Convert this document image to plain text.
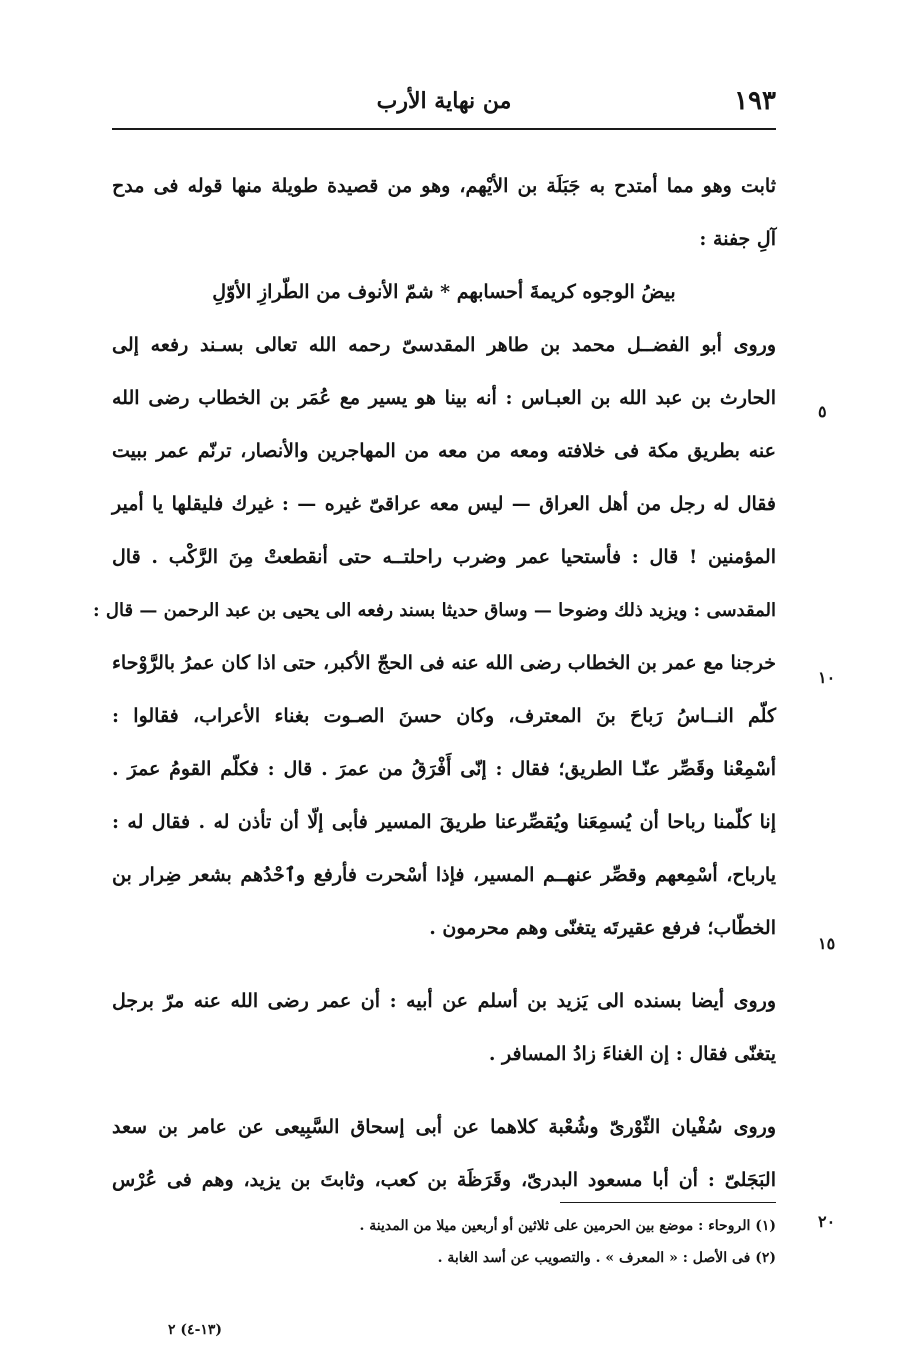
١٩٣
من نهاية الأرب
ثابت وهو مما أمتدح به جَبَلَة بن الأيْهم، وهو من قصيدة طويلة منها قوله فى مدح
آلِ جفنة :
بيضُ الوجوه كريمةَ أحسابهم * شمّ الأنوف من الطّرازِ الأوّلِ
وروى أبو الفضــل محمد بن طاهر المقدسىّ رحمه الله تعالى بسـند رفعه إلى
الحارث بن عبد الله بن العبـاس : أنه بينا هو يسير مع عُمَر بن الخطاب رضى الله
عنه بطريق مكة فى خلافته ومعه من معه من المهاجرين والأنصار، ترنّم عمر ببيت
فقال له رجل من أهل العراق — ليس معه عراقىّ غيره — : غيرك فليقلها يا أمير
المؤمنين ! قال : فأستحيا عمر وضرب راحلتــه حتى أنقطعتْ مِنَ الرَّكْب . قال
المقدسى : ويزيد ذلك وضوحا — وساق حديثا بسند رفعه الى يحيى بن عبد الرحمن — قال :
خرجنا مع عمر بن الخطاب رضى الله عنه فى الحجّ الأكبر، حتى اذا كان عمرُ بالرَّوْحاء
كلّم النــاسُ رَباحَ بنَ المعترف، وكان حسنَ الصـوت بغناء الأعراب، فقالوا :
أسْمِعْنا وقَصِّر عنّـا الطريق؛ فقال : إنّى أَفْرَقُ من عمرَ . قال : فكلّم القومُ عمرَ .
إنا كلّمنا رباحا أن يُسمِعَنا ويُقصِّرعنا طريقَ المسير فأبى إلّا أن تأذن له . فقال له :
يارباح، أسْمِعهم وقصِّر عنهــم المسير، فإذا أسْحرت فأرفع وٱحْدُهم بشعر ضِرار بن
الخطّاب؛ فرفع عقيرتَه يتغنّى وهم محرمون .
وروى أيضا بسنده الى يَزيد بن أسلم عن أبيه : أن عمر رضى الله عنه مرّ برجل
يتغنّى فقال : إن الغناءَ زادُ المسافر .
وروى سُفْيان الثّوْرىّ وشُعْبة كلاهما عن أبى إسحاق السَّبِيعى عن عامر بن سعد
البَجَلىّ : أن أبا مسعود البدرىّ، وقَرَظَة بن كعب، وثابتَ بن يزيد، وهم فى عُرْس
٥
١٠
١٥
٢٠
(١) الروحاء : موضع بين الحرمين على ثلاثين أو أربعين ميلا من المدينة .
(٢) فى الأصل : « المعرف » . والتصويب عن أسد الغابة .
(١٣-٤) ٢
